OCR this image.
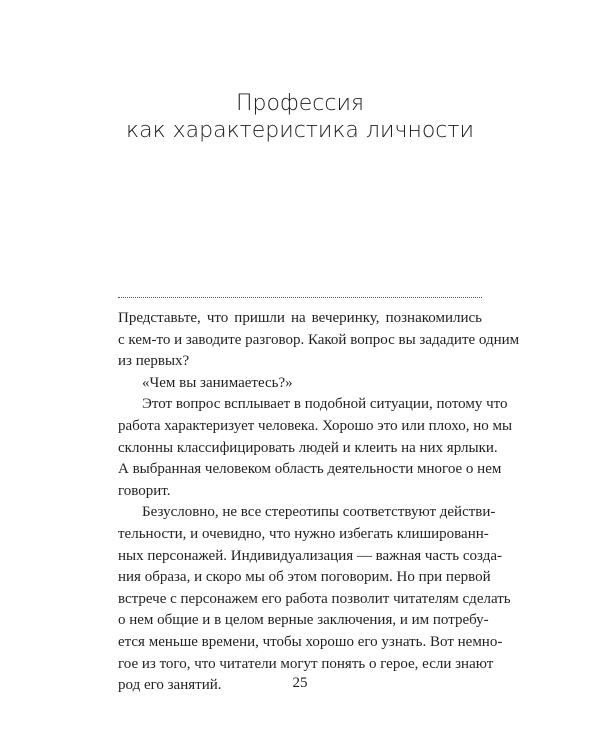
Профессия
как характеристика личности
Представьте, что пришли на вечеринку, познакомились
с кем-то и заводите разговор. Какой вопрос вы зададите одним
из первых?
«Чем вы занимаетесь?»
Этот вопрос всплывает в подобной ситуации, потому что
работа характеризует человека. Хорошо это или плохо, но мы
склонны классифицировать людей и клеить на них ярлыки.
А выбранная человеком область деятельности многое о нем
говорит.
Безусловно, не все стереотипы соответствуют действи-
тельности, и очевидно, что нужно избегать клишированн-
ных персонажей. Индивидуализация — важная часть созда-
ния образа, и скоро мы об этом поговорим. Но при первой
встрече с персонажем его работа позволит читателям сделать
о нем общие и в целом верные заключения, и им потребу-
ется меньше времени, чтобы хорошо его узнать. Вот немно-
гое из того, что читатели могут понять о герое, если знают
род его занятий.	25
